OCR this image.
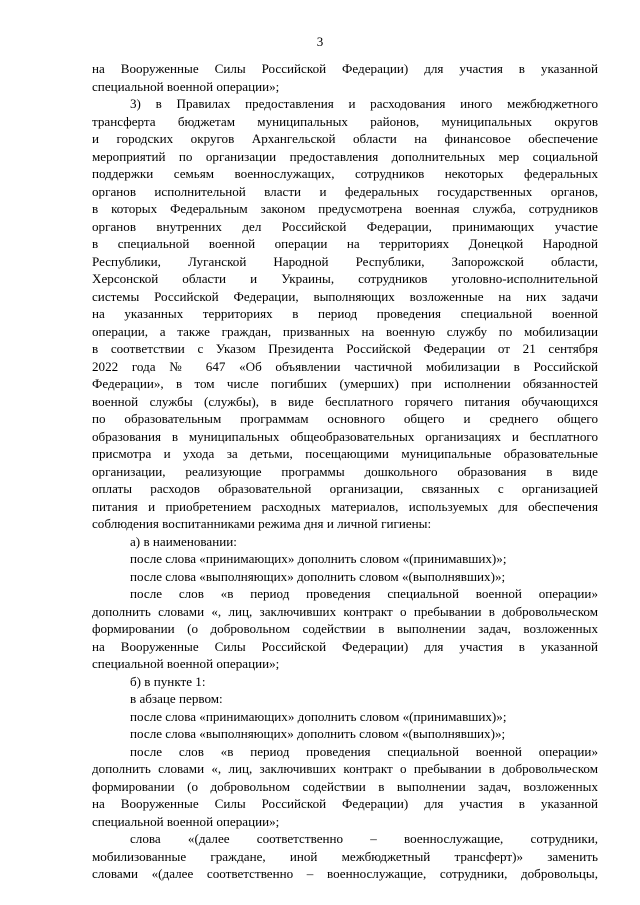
3
на Вооруженные Силы Российской Федерации) для участия в указанной
специальной военной операции»;
3) в Правилах предоставления и расходования иного межбюджетного
трансферта бюджетам муниципальных районов, муниципальных округов
и городских округов Архангельской области на финансовое обеспечение
мероприятий по организации предоставления дополнительных мер социальной
поддержки семьям военнослужащих, сотрудников некоторых федеральных
органов исполнительной власти и федеральных государственных органов,
в которых Федеральным законом предусмотрена военная служба, сотрудников
органов внутренних дел Российской Федерации, принимающих участие
в специальной военной операции на территориях Донецкой Народной
Республики, Луганской Народной Республики, Запорожской области,
Херсонской области и Украины, сотрудников уголовно-исполнительной
системы Российской Федерации, выполняющих возложенные на них задачи
на указанных территориях в период проведения специальной военной
операции, а также граждан, призванных на военную службу по мобилизации
в соответствии с Указом Президента Российской Федерации от 21 сентября
2022 года № 647 «Об объявлении частичной мобилизации в Российской
Федерации», в том числе погибших (умерших) при исполнении обязанностей
военной службы (службы), в виде бесплатного горячего питания обучающихся
по образовательным программам основного общего и среднего общего
образования в муниципальных общеобразовательных организациях и бесплатного
присмотра и ухода за детьми, посещающими муниципальные образовательные
организации, реализующие программы дошкольного образования в виде
оплаты расходов образовательной организации, связанных с организацией
питания и приобретением расходных материалов, используемых для обеспечения
соблюдения воспитанниками режима дня и личной гигиены:
а) в наименовании:
после слова «принимающих» дополнить словом «(принимавших)»;
после слова «выполняющих» дополнить словом «(выполнявших)»;
после слов «в период проведения специальной военной операции»
дополнить словами «, лиц, заключивших контракт о пребывании в добровольческом
формировании (о добровольном содействии в выполнении задач, возложенных
на Вооруженные Силы Российской Федерации) для участия в указанной
специальной военной операции»;
б) в пункте 1:
в абзаце первом:
после слова «принимающих» дополнить словом «(принимавших)»;
после слова «выполняющих» дополнить словом «(выполнявших)»;
после слов «в период проведения специальной военной операции»
дополнить словами «, лиц, заключивших контракт о пребывании в добровольческом
формировании (о добровольном содействии в выполнении задач, возложенных
на Вооруженные Силы Российской Федерации) для участия в указанной
специальной военной операции»;
слова «(далее соответственно – военнослужащие, сотрудники,
мобилизованные граждане, иной межбюджетный трансферт)» заменить
словами «(далее соответственно – военнослужащие, сотрудники, добровольцы,
